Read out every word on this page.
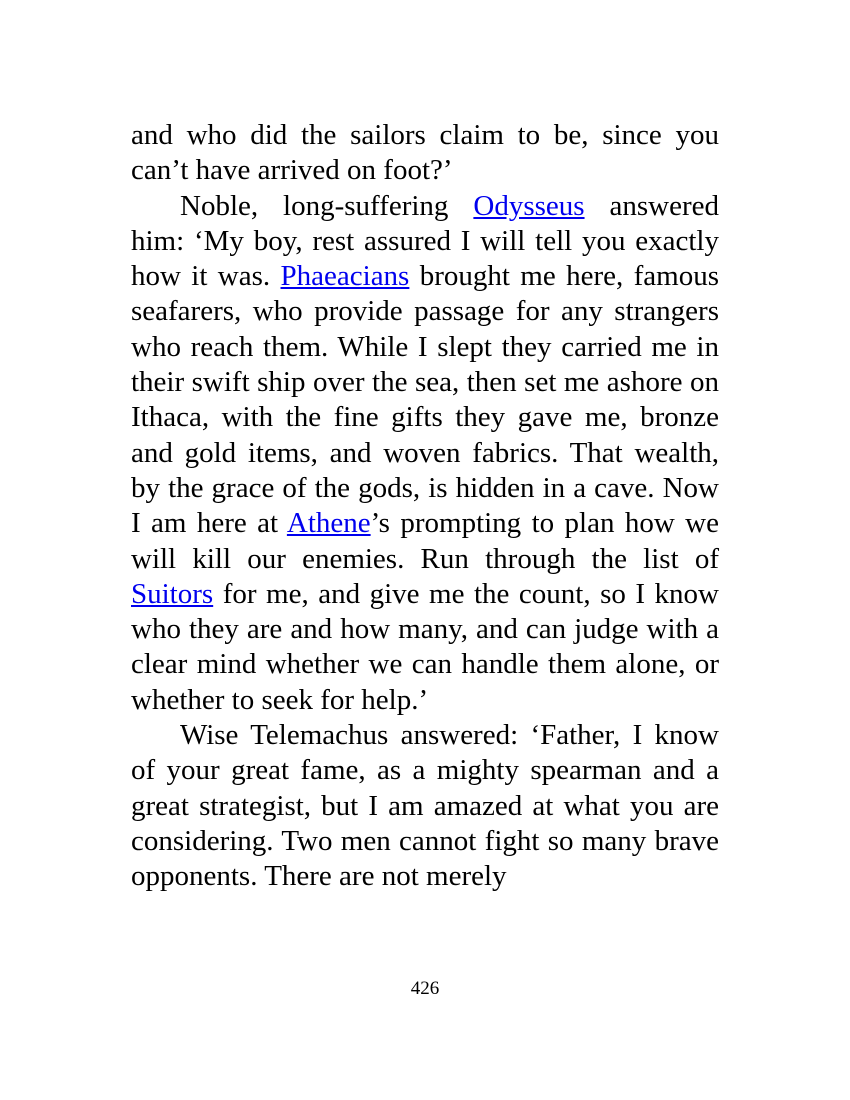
and who did the sailors claim to be, since you can’t have arrived on foot?’

Noble, long-suffering Odysseus answered him: ‘My boy, rest assured I will tell you exactly how it was. Phaeacians brought me here, famous seafarers, who provide passage for any strangers who reach them. While I slept they carried me in their swift ship over the sea, then set me ashore on Ithaca, with the fine gifts they gave me, bronze and gold items, and woven fabrics. That wealth, by the grace of the gods, is hidden in a cave. Now I am here at Athene’s prompting to plan how we will kill our enemies. Run through the list of Suitors for me, and give me the count, so I know who they are and how many, and can judge with a clear mind whether we can handle them alone, or whether to seek for help.’

Wise Telemachus answered: ‘Father, I know of your great fame, as a mighty spearman and a great strategist, but I am amazed at what you are considering. Two men cannot fight so many brave opponents. There are not merely

426
